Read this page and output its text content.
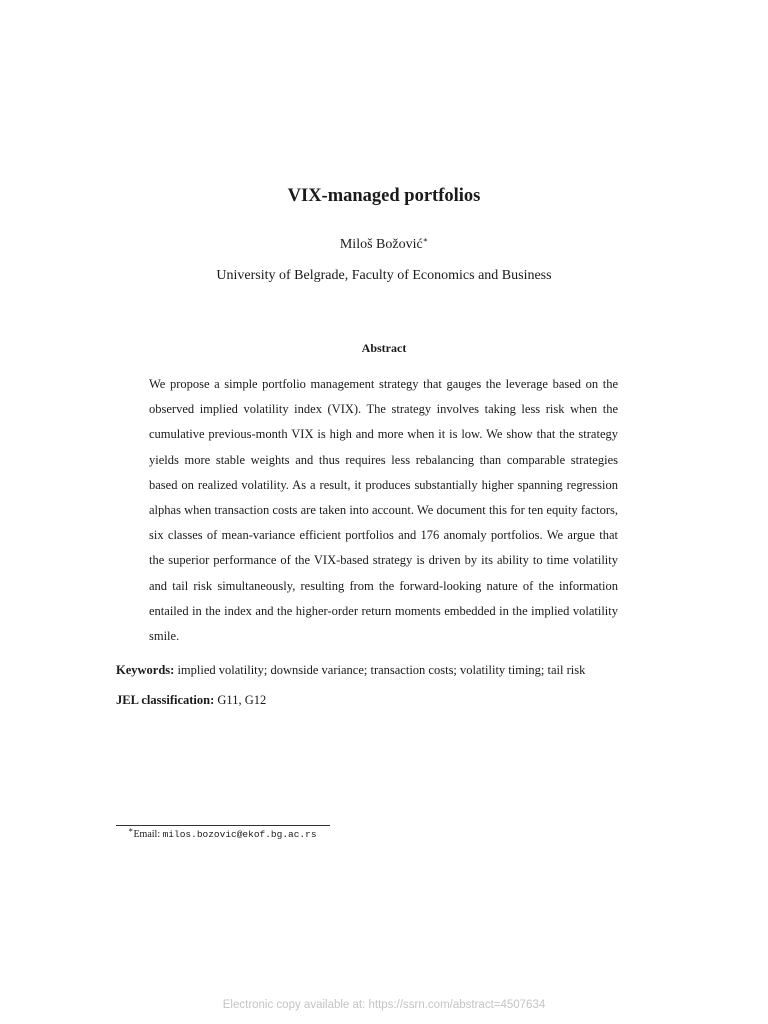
VIX-managed portfolios
Miloš Božović∗
University of Belgrade, Faculty of Economics and Business
Abstract
We propose a simple portfolio management strategy that gauges the leverage based on the observed implied volatility index (VIX). The strategy involves taking less risk when the cumulative previous-month VIX is high and more when it is low. We show that the strategy yields more stable weights and thus requires less rebalancing than comparable strategies based on realized volatility. As a result, it produces substantially higher spanning regression alphas when transaction costs are taken into account. We document this for ten equity factors, six classes of mean-variance efficient portfolios and 176 anomaly portfolios. We argue that the superior performance of the VIX-based strategy is driven by its ability to time volatility and tail risk simultaneously, resulting from the forward-looking nature of the information entailed in the index and the higher-order return moments embedded in the implied volatility smile.
Keywords: implied volatility; downside variance; transaction costs; volatility timing; tail risk
JEL classification: G11, G12
∗Email: milos.bozovic@ekof.bg.ac.rs
Electronic copy available at: https://ssrn.com/abstract=4507634
